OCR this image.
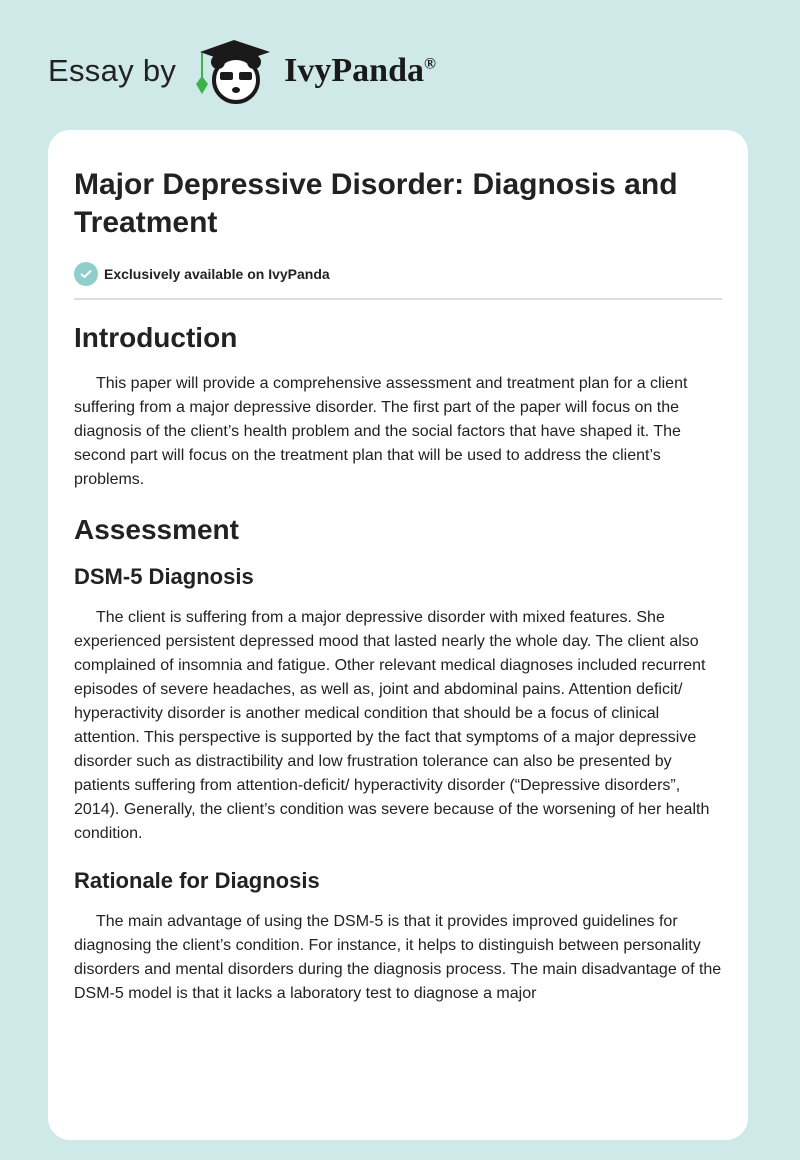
Essay by	IvyPanda®
Major Depressive Disorder: Diagnosis and Treatment
Exclusively available on IvyPanda
Introduction

This paper will provide a comprehensive assessment and treatment plan for a client suffering from a major depressive disorder. The first part of the paper will focus on the diagnosis of the client’s health problem and the social factors that have shaped it. The second part will focus on the treatment plan that will be used to address the client’s problems.

Assessment
DSM-5 Diagnosis

The client is suffering from a major depressive disorder with mixed features. She experienced persistent depressed mood that lasted nearly the whole day. The client also complained of insomnia and fatigue. Other relevant medical diagnoses included recurrent episodes of severe headaches, as well as, joint and abdominal pains. Attention deficit/ hyperactivity disorder is another medical condition that should be a focus of clinical attention. This perspective is supported by the fact that symptoms of a major depressive disorder such as distractibility and low frustration tolerance can also be presented by patients suffering from attention-deficit/ hyperactivity disorder (“Depressive disorders”, 2014). Generally, the client’s condition was severe because of the worsening of her health condition.

Rationale for Diagnosis

The main advantage of using the DSM-5 is that it provides improved guidelines for diagnosing the client’s condition. For instance, it helps to distinguish between personality disorders and mental disorders during the diagnosis process. The main disadvantage of the DSM-5 model is that it lacks a laboratory test to diagnose a major
